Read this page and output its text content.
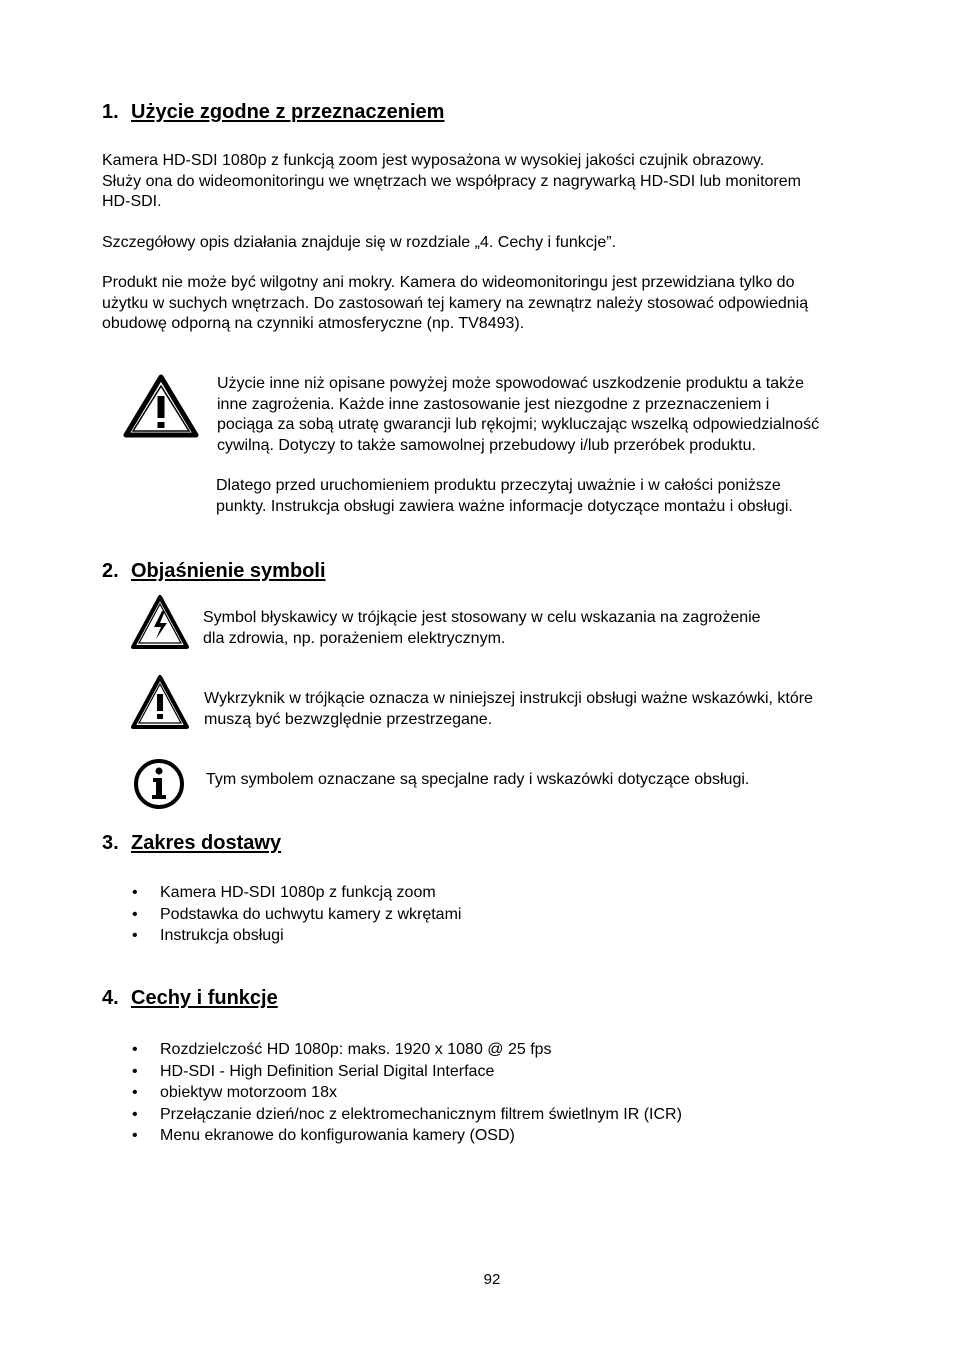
1. Użycie zgodne z przeznaczeniem

Kamera HD-SDI 1080p z funkcją zoom jest wyposażona w wysokiej jakości czujnik obrazowy.

Służy ona do wideomonitoringu we wnętrzach we współpracy z nagrywarką HD-SDI lub monitorem

HD-SDI.

Szczegółowy opis działania znajduje się w rozdziale „4. Cechy i funkcje”.

Produkt nie może być wilgotny ani mokry. Kamera do wideomonitoringu jest przewidziana tylko do

użytku w suchych wnętrzach. Do zastosowań tej kamery na zewnątrz należy stosować odpowiednią

obudowę odporną na czynniki atmosferyczne (np. TV8493).

Użycie inne niż opisane powyżej może spowodować uszkodzenie produktu a także

inne zagrożenia. Każde inne zastosowanie jest niezgodne z przeznaczeniem i

pociąga za sobą utratę gwarancji lub rękojmi; wykluczając wszelką odpowiedzialność

cywilną. Dotyczy to także samowolnej przebudowy i/lub przeróbek produktu.

Dlatego przed uruchomieniem produktu przeczytaj uważnie i w całości poniższe

punkty. Instrukcja obsługi zawiera ważne informacje dotyczące montażu i obsługi.

2. Objaśnienie symboli

Symbol błyskawicy w trójkącie jest stosowany w celu wskazania na zagrożenie

dla zdrowia, np. porażeniem elektrycznym.

Wykrzyknik w trójkącie oznacza w niniejszej instrukcji obsługi ważne wskazówki, które

muszą być bezwzględnie przestrzegane.

Tym symbolem oznaczane są specjalne rady i wskazówki dotyczące obsługi.

3. Zakres dostawy
• Kamera HD-SDI 1080p z funkcją zoom
• Podstawka do uchwytu kamery z wkrętami
• Instrukcja obsługi
4. Cechy i funkcje
• Rozdzielczość HD 1080p: maks. 1920 x 1080 @ 25 fps
• HD-SDI - High Definition Serial Digital Interface
• obiektyw motorzoom 18x
• Przełączanie dzień/noc z elektromechanicznym filtrem świetlnym IR (ICR)
• Menu ekranowe do konfigurowania kamery (OSD)
92
